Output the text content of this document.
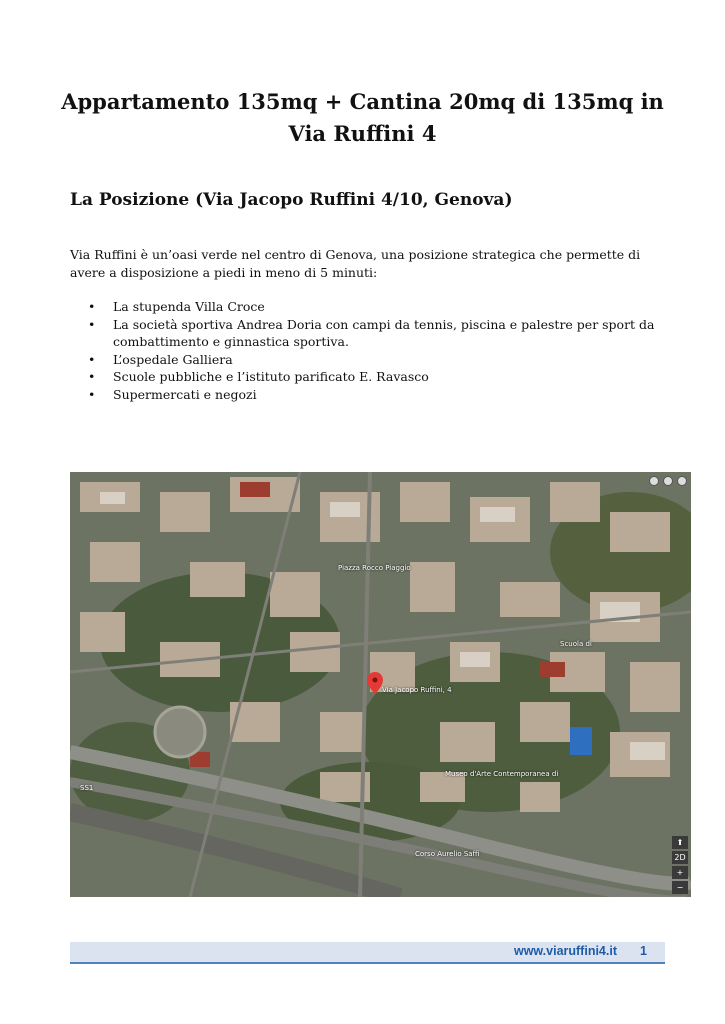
Appartamento 135mq + Cantina 20mq di 135mq in Via Ruffini 4
La Posizione (Via Jacopo Ruffini 4/10, Genova)

Via Ruffini è un’oasi verde nel centro di Genova, una posizione strategica che permette di avere a disposizione a piedi in meno di 5 minuti:

• La stupenda Villa Croce
• La società sportiva Andrea Doria con campi da tennis, piscina e palestre per sport da combattimento e ginnastica sportiva.
• L’ospedale Galliera
• Scuole pubbliche e l’istituto parificato E. Ravasco
• Supermercati e negozi
Via Jacopo Ruffini, 4
Piazza Rocco Piaggio
Museo d'Arte Contemporanea di
Corso Aurelio Saffi
Scuola di
SS1
⬆
2D
+
−
www.viaruffini4.it 1
